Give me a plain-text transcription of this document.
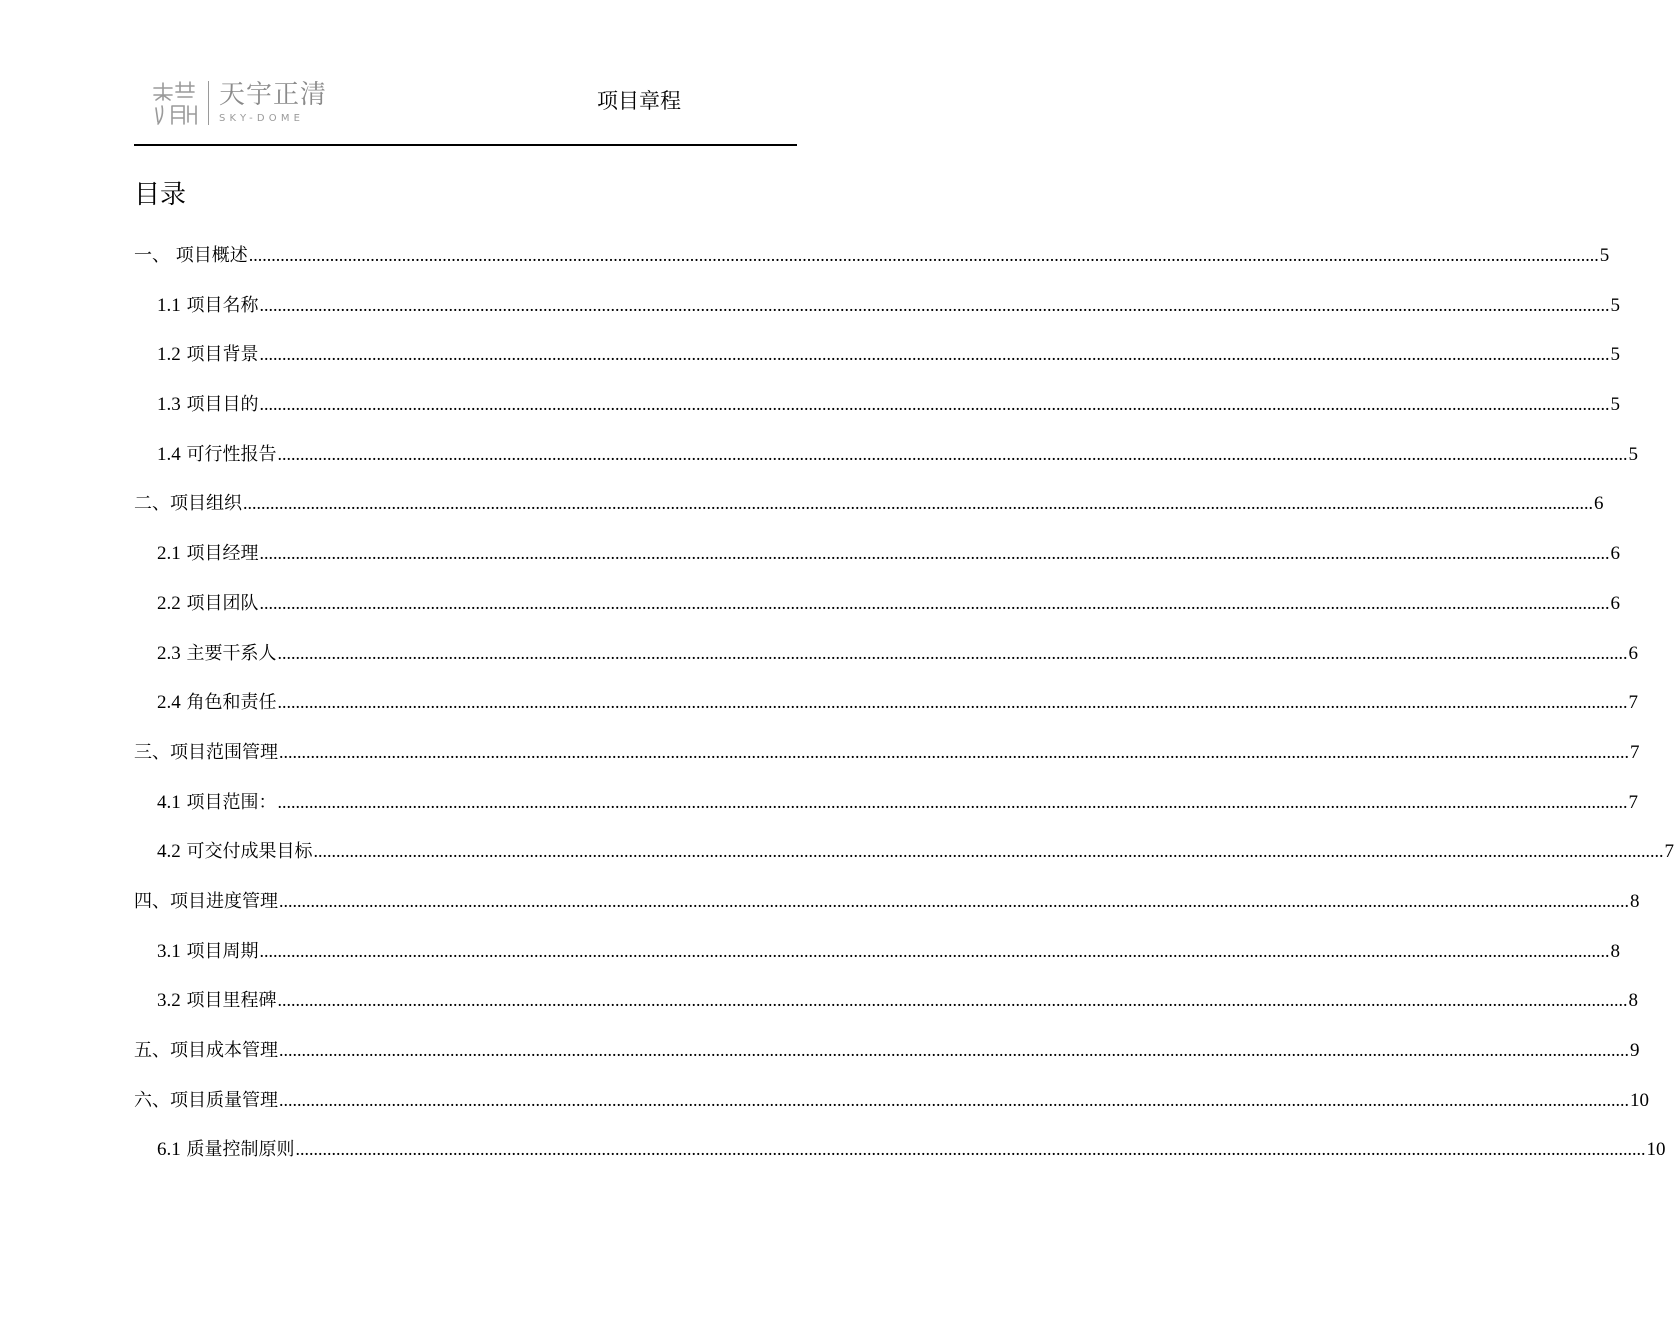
天宇正清
SKY-DOME
项目章程
目录
一、 项目概述 ............................................................................................................................................................................................................................................................................................................ 5
1.1 项目名称 ............................................................................................................................................................................................................................................................................................................ 5
1.2 项目背景 ............................................................................................................................................................................................................................................................................................................ 5
1.3 项目目的 ............................................................................................................................................................................................................................................................................................................ 5
1.4 可行性报告 ............................................................................................................................................................................................................................................................................................................ 5
二、项目组织 ............................................................................................................................................................................................................................................................................................................ 6
2.1 项目经理 ............................................................................................................................................................................................................................................................................................................ 6
2.2 项目团队 ............................................................................................................................................................................................................................................................................................................ 6
2.3 主要干系人 ............................................................................................................................................................................................................................................................................................................ 6
2.4 角色和责任 ............................................................................................................................................................................................................................................................................................................ 7
三、项目范围管理 ............................................................................................................................................................................................................................................................................................................ 7
4.1 项目范围： ............................................................................................................................................................................................................................................................................................................ 7
4.2 可交付成果目标 ............................................................................................................................................................................................................................................................................................................ 7
四、项目进度管理 ............................................................................................................................................................................................................................................................................................................ 8
3.1 项目周期 ............................................................................................................................................................................................................................................................................................................ 8
3.2 项目里程碑 ............................................................................................................................................................................................................................................................................................................ 8
五、项目成本管理 ............................................................................................................................................................................................................................................................................................................ 9
六、项目质量管理 ............................................................................................................................................................................................................................................................................................................ 10
6.1 质量控制原则 ............................................................................................................................................................................................................................................................................................................ 10
